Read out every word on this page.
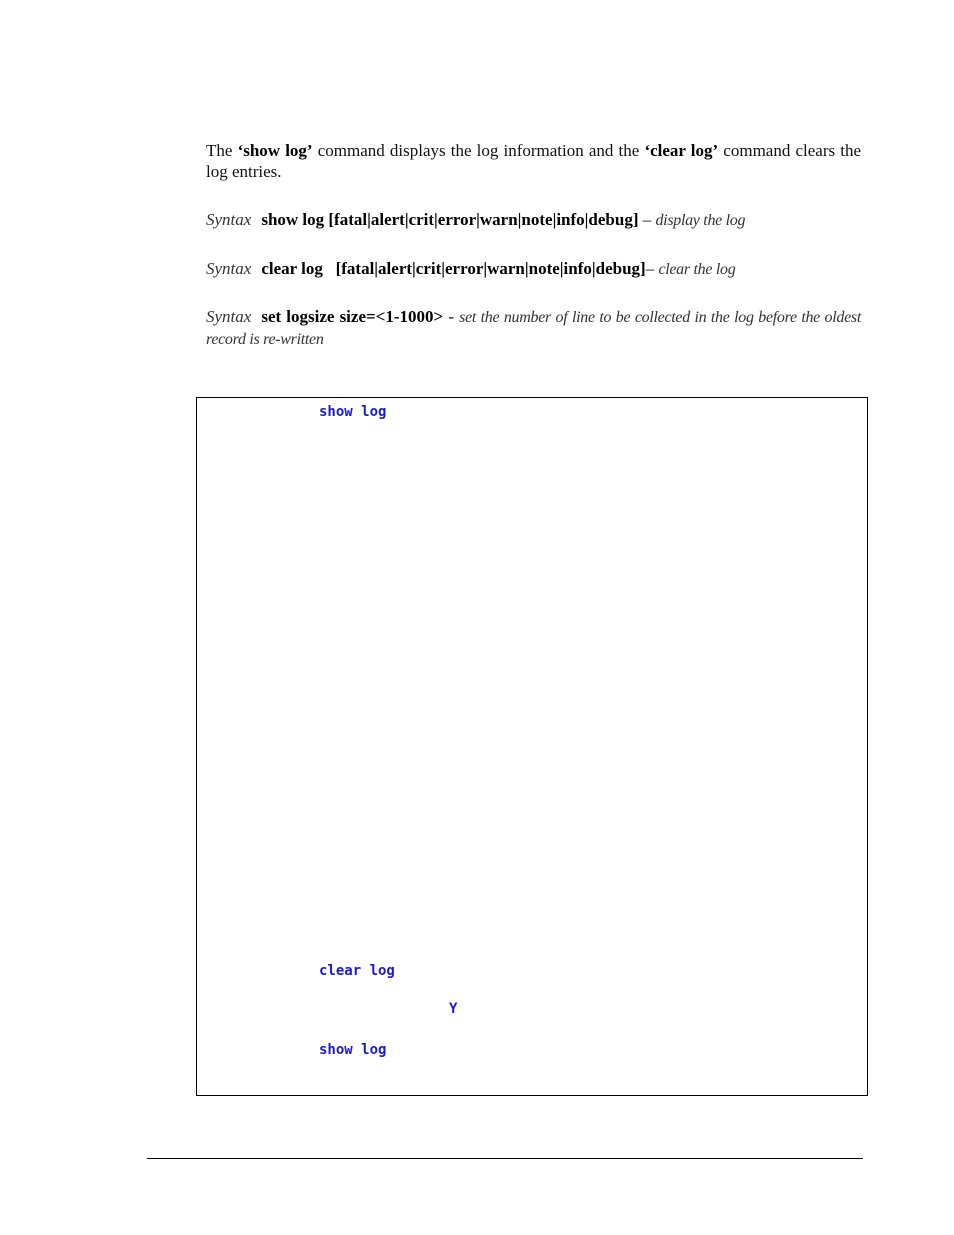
The ‘show log’ command displays the log information and the ‘clear log’ command clears the log entries.

Syntax show log [fatal|alert|crit|error|warn|note|info|debug] – display the log

Syntax clear log   [fatal|alert|crit|error|warn|note|info|debug]– clear the log

Syntax set logsize size=<1-1000> - set the number of line to be collected in the log before the oldest record is re-written

show log
clear log
Y
show log
